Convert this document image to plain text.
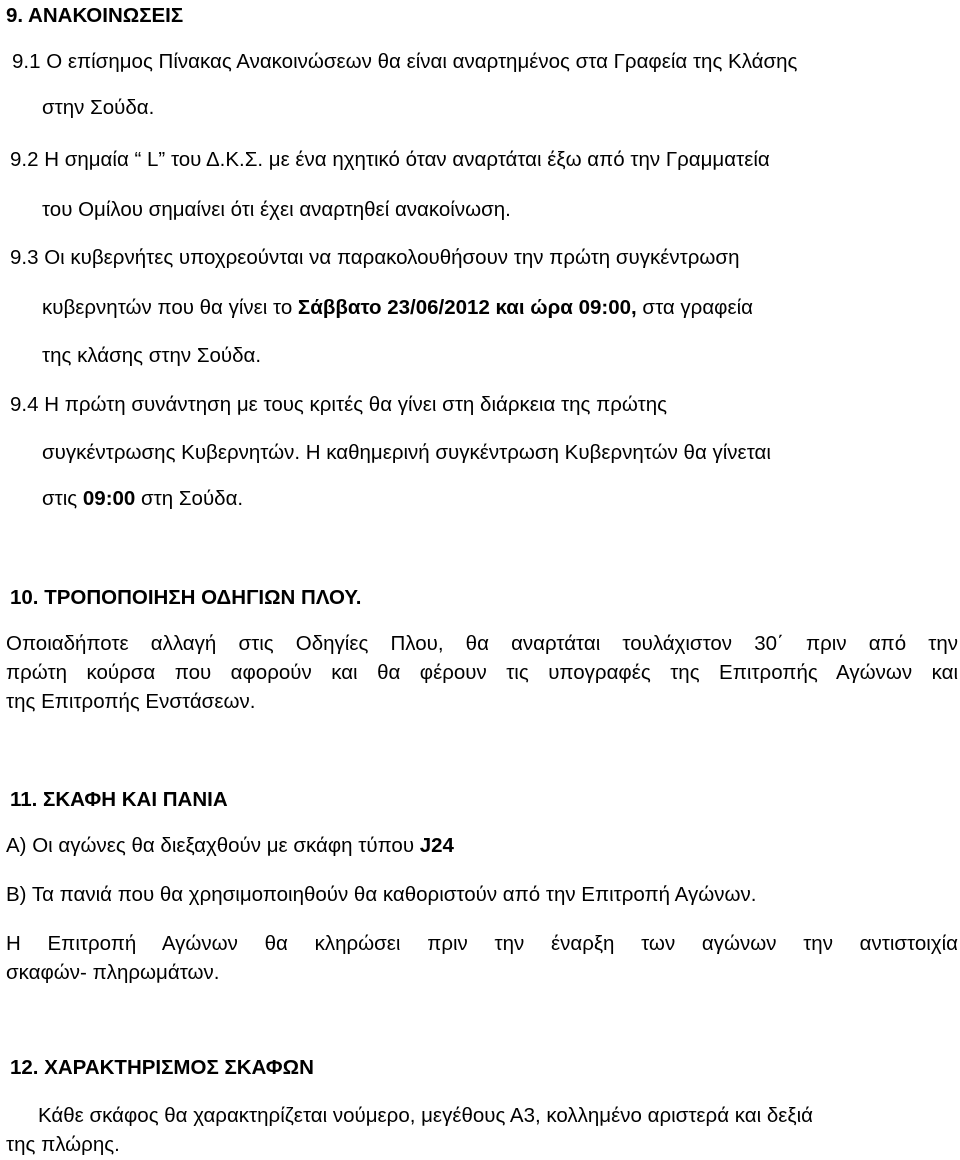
9. ΑΝΑΚΟΙΝΩΣΕΙΣ
9.1 Ο επίσημος Πίνακας Ανακοινώσεων θα είναι αναρτημένος στα Γραφεία της Κλάσης
στην Σούδα.
9.2 Η σημαία “ L” του Δ.Κ.Σ. με ένα ηχητικό όταν αναρτάται έξω από την Γραμματεία
του Ομίλου σημαίνει ότι έχει αναρτηθεί ανακοίνωση.
9.3 Οι κυβερνήτες υποχρεούνται να παρακολουθήσουν την πρώτη συγκέντρωση
κυβερνητών που θα γίνει το Σάββατο 23/06/2012 και ώρα 09:00, στα γραφεία
της κλάσης στην Σούδα.
9.4 Η πρώτη συνάντηση με τους κριτές θα γίνει στη διάρκεια της πρώτης
συγκέντρωσης Κυβερνητών. Η καθημερινή συγκέντρωση Κυβερνητών θα γίνεται
στις 09:00 στη Σούδα.
10. ΤΡΟΠΟΠΟΙΗΣΗ ΟΔΗΓΙΩΝ ΠΛΟΥ.
Οποιαδήποτε αλλαγή στις Οδηγίες Πλου, θα αναρτάται τουλάχιστον 30΄ πριν από την
πρώτη κούρσα που αφορούν και θα φέρουν τις υπογραφές της Επιτροπής Αγώνων και
της Επιτροπής Ενστάσεων.
11. ΣΚΑΦΗ ΚΑΙ ΠΑΝΙΑ
Α) Οι αγώνες θα διεξαχθούν με σκάφη τύπου J24
Β) Τα πανιά που θα χρησιμοποιηθούν θα καθοριστούν από την Επιτροπή Αγώνων.
Η Επιτροπή Αγώνων θα κληρώσει πριν την έναρξη των αγώνων την αντιστοιχία
σκαφών- πληρωμάτων.
12. ΧΑΡΑΚΤΗΡΙΣΜΟΣ ΣΚΑΦΩΝ
Κάθε σκάφος θα χαρακτηρίζεται νούμερο, μεγέθους Α3, κολλημένο αριστερά και δεξιά
της πλώρης.
